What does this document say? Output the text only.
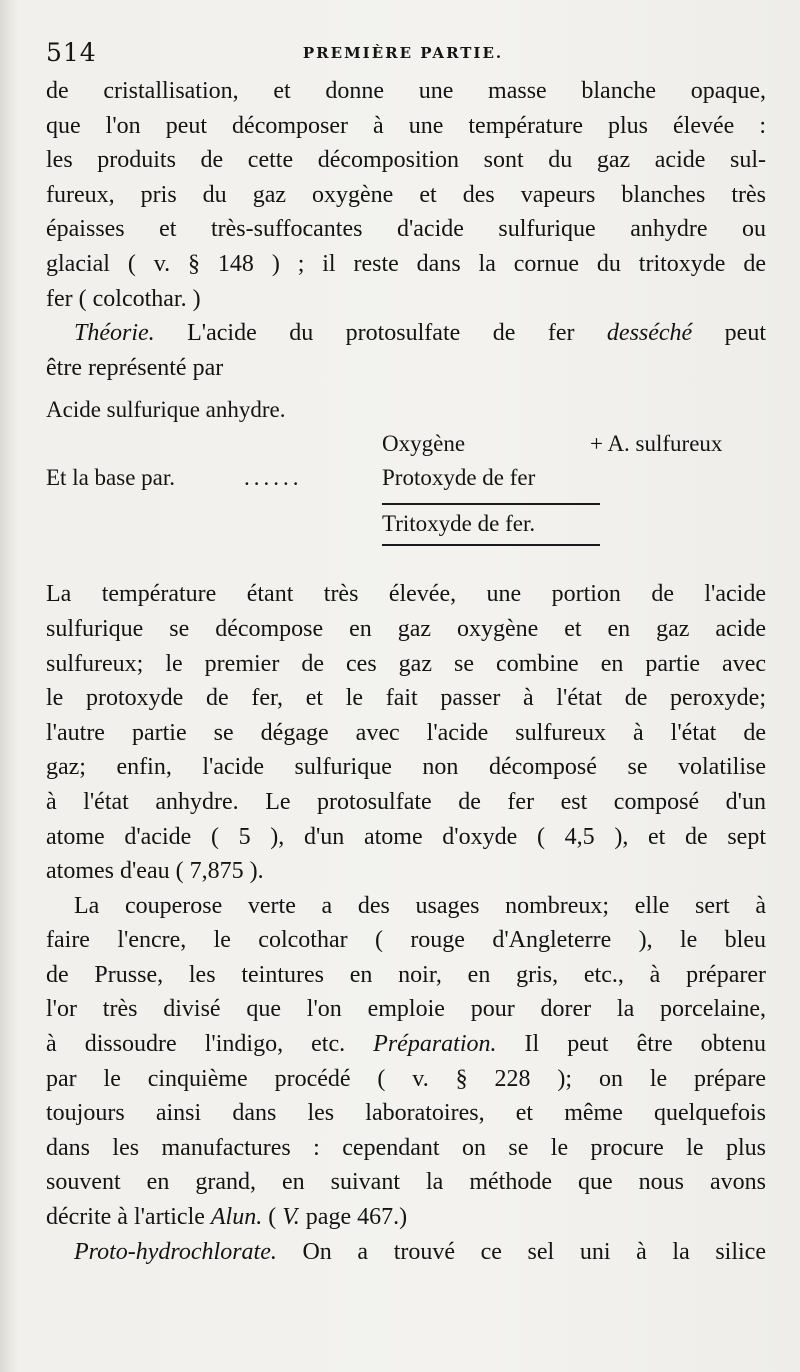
514	PREMIÈRE PARTIE.
de cristallisation, et donne une masse blanche opaque,
que l'on peut décomposer à une température plus élevée :
les produits de cette décomposition sont du gaz acide sul-
fureux, pris du gaz oxygène et des vapeurs blanches très
épaisses et très-suffocantes d'acide sulfurique anhydre ou
glacial ( v. § 148 ) ; il reste dans la cornue du tritoxyde de
fer ( colcothar. )
Théorie. L'acide du protosulfate de fer desséché peut
être représenté par
Acide sulfurique anhydre.
Oxygène	+ A. sulfureux
Et la base par.	......	Protoxyde de fer
Tritoxyde de fer.
La température étant très élevée, une portion de l'acide
sulfurique se décompose en gaz oxygène et en gaz acide
sulfureux; le premier de ces gaz se combine en partie avec
le protoxyde de fer, et le fait passer à l'état de peroxyde;
l'autre partie se dégage avec l'acide sulfureux à l'état de
gaz; enfin, l'acide sulfurique non décomposé se volatilise
à l'état anhydre. Le protosulfate de fer est composé d'un
atome d'acide ( 5 ), d'un atome d'oxyde ( 4,5 ), et de sept
atomes d'eau ( 7,875 ).
La couperose verte a des usages nombreux; elle sert à
faire l'encre, le colcothar ( rouge d'Angleterre ), le bleu
de Prusse, les teintures en noir, en gris, etc., à préparer
l'or très divisé que l'on emploie pour dorer la porcelaine,
à dissoudre l'indigo, etc. Préparation. Il peut être obtenu
par le cinquième procédé ( v. § 228 ); on le prépare
toujours ainsi dans les laboratoires, et même quelquefois
dans les manufactures : cependant on se le procure le plus
souvent en grand, en suivant la méthode que nous avons
décrite à l'article Alun. ( V. page 467.)
Proto-hydrochlorate. On a trouvé ce sel uni à la silice
